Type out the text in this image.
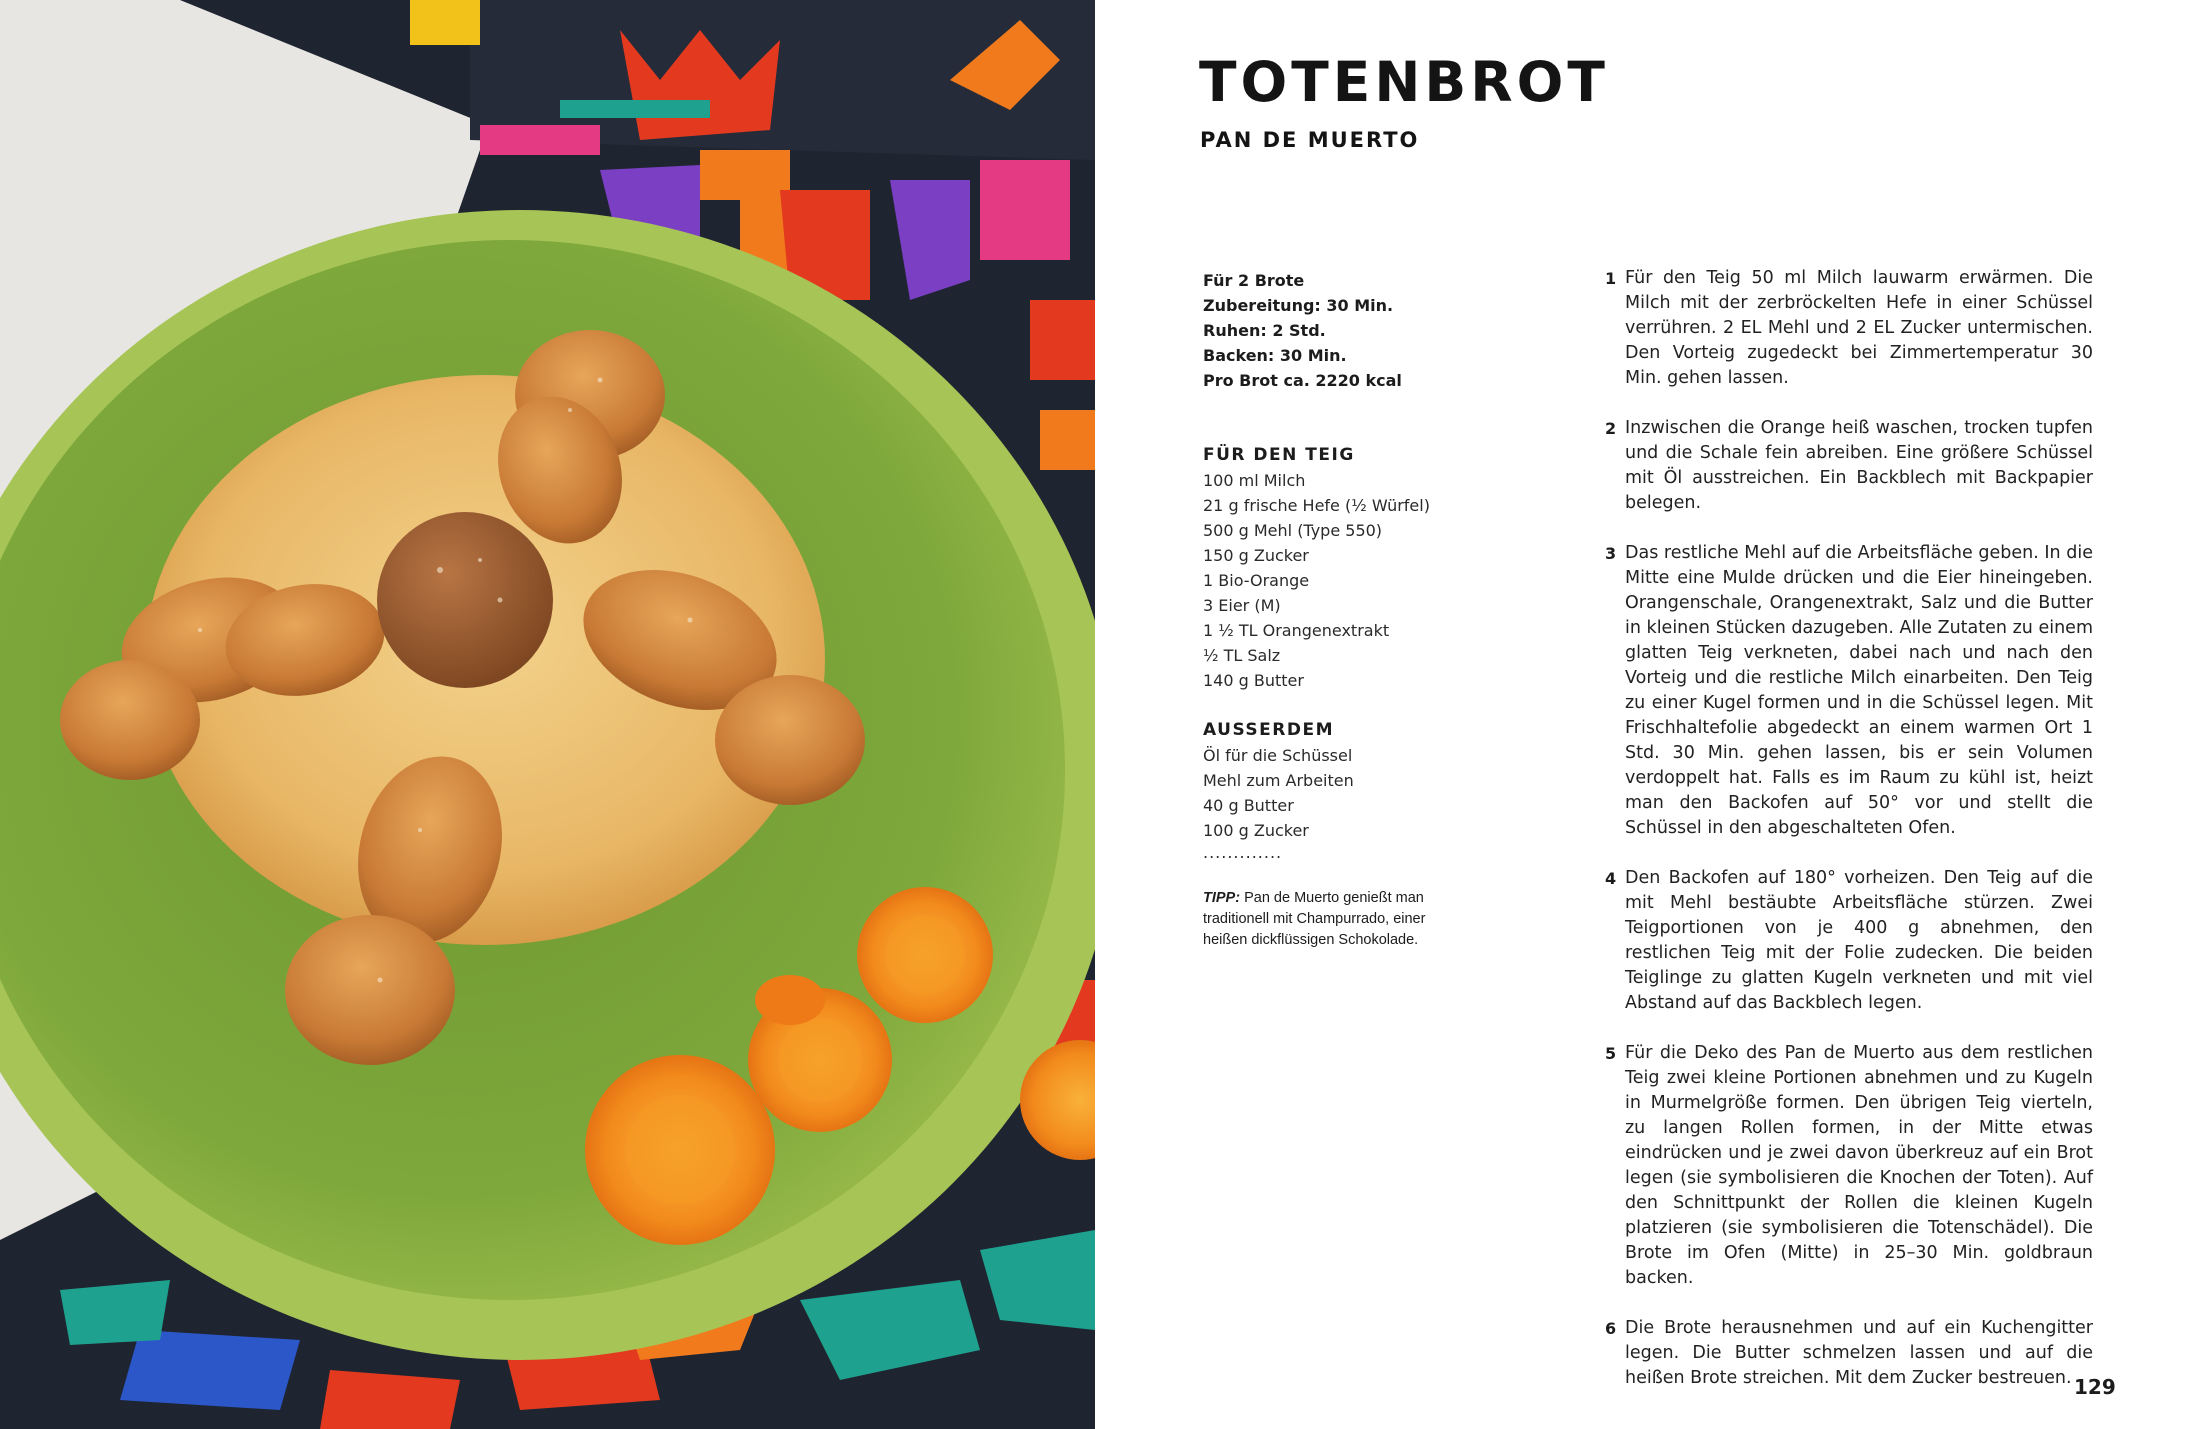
TOTENBROT
PAN DE MUERTO
Für 2 Brote
Zubereitung: 30 Min.
Ruhen: 2 Std.
Backen: 30 Min.
Pro Brot ca. 2220 kcal
FÜR DEN TEIG
100 ml Milch
21 g frische Hefe (½ Würfel)
500 g Mehl (Type 550)
150 g Zucker
1 Bio-Orange
3 Eier (M)
1 ½ TL Orangenextrakt
½ TL Salz
140 g Butter
AUSSERDEM
Öl für die Schüssel
Mehl zum Arbeiten
40 g Butter
100 g Zucker
.............
TIPP: Pan de Muerto genießt man traditionell mit Champurrado, einer heißen dickflüssigen Schokolade.
1 Für den Teig 50 ml Milch lauwarm erwärmen. Die Milch mit der zerbröckelten Hefe in einer Schüssel verrühren. 2 EL Mehl und 2 EL Zucker untermischen. Den Vorteig zugedeckt bei Zimmertemperatur 30 Min. gehen lassen.

2 Inzwischen die Orange heiß waschen, trocken tupfen und die Schale fein abreiben. Eine größere Schüssel mit Öl ausstreichen. Ein Backblech mit Backpapier belegen.

3 Das restliche Mehl auf die Arbeitsfläche geben. In die Mitte eine Mulde drücken und die Eier hineingeben. Orangenschale, Orangenextrakt, Salz und die Butter in kleinen Stücken dazugeben. Alle Zutaten zu einem glatten Teig verkneten, dabei nach und nach den Vorteig und die restliche Milch einarbeiten. Den Teig zu einer Kugel formen und in die Schüssel legen. Mit Frischhaltefolie abgedeckt an einem warmen Ort 1 Std. 30 Min. gehen lassen, bis er sein Volumen verdoppelt hat. Falls es im Raum zu kühl ist, heizt man den Backofen auf 50° vor und stellt die Schüssel in den abgeschalteten Ofen.

4 Den Backofen auf 180° vorheizen. Den Teig auf die mit Mehl bestäubte Arbeitsfläche stürzen. Zwei Teigportionen von je 400 g abnehmen, den restlichen Teig mit der Folie zudecken. Die beiden Teiglinge zu glatten Kugeln verkneten und mit viel Abstand auf das Backblech legen.

5 Für die Deko des Pan de Muerto aus dem restlichen Teig zwei kleine Portionen abnehmen und zu Kugeln in Murmelgröße formen. Den übrigen Teig vierteln, zu langen Rollen formen, in der Mitte etwas eindrücken und je zwei davon überkreuz auf ein Brot legen (sie symbolisieren die Knochen der Toten). Auf den Schnittpunkt der Rollen die kleinen Kugeln platzieren (sie symbolisieren die Totenschädel). Die Brote im Ofen (Mitte) in 25–30 Min. goldbraun backen.

6 Die Brote herausnehmen und auf ein Kuchengitter legen. Die Butter schmelzen lassen und auf die heißen Brote streichen. Mit dem Zucker bestreuen. 129
